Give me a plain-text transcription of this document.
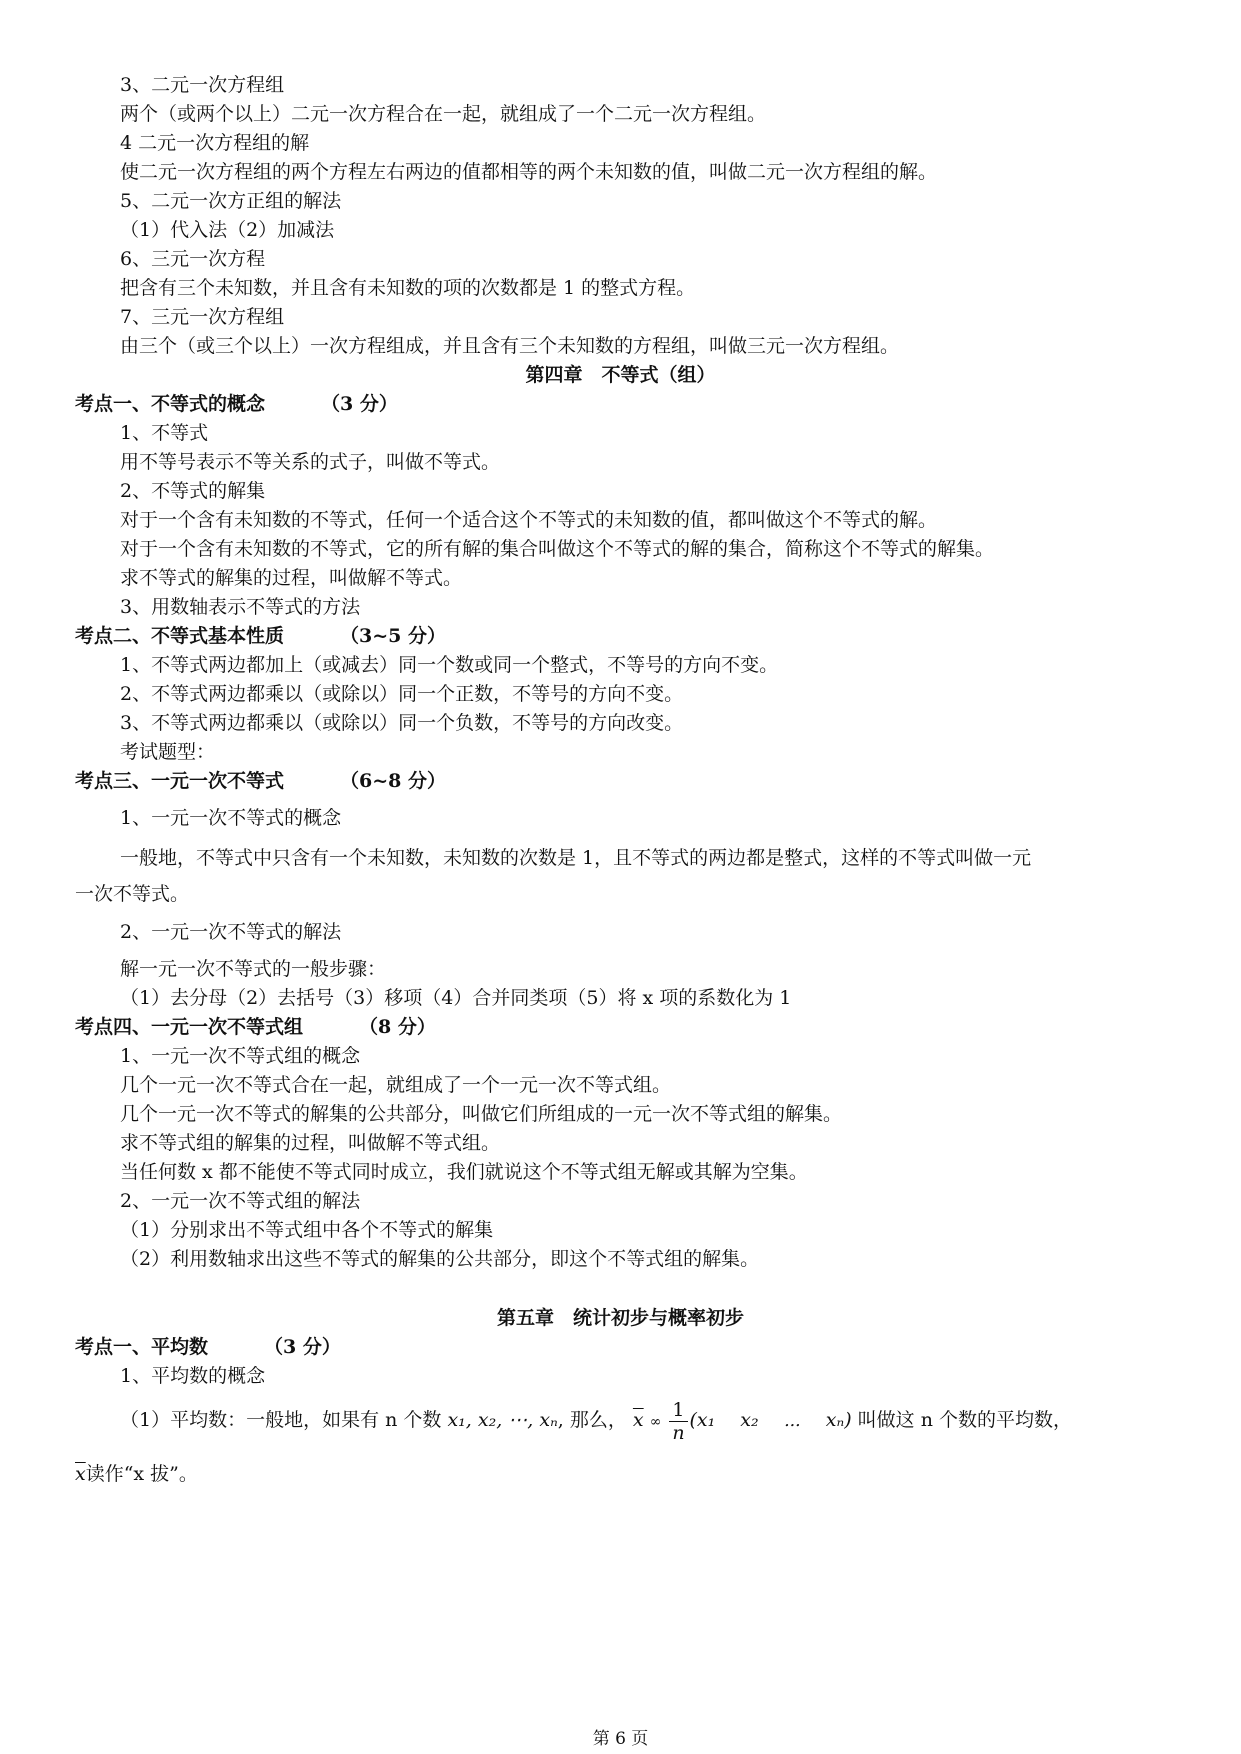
3、二元一次方程组
两个（或两个以上）二元一次方程合在一起，就组成了一个二元一次方程组。
4 二元一次方程组的解
使二元一次方程组的两个方程左右两边的值都相等的两个未知数的值，叫做二元一次方程组的解。
5、二元一次方正组的解法
（1）代入法（2）加减法
6、三元一次方程
把含有三个未知数，并且含有未知数的项的次数都是 1 的整式方程。
7、三元一次方程组
由三个（或三个以上）一次方程组成，并且含有三个未知数的方程组，叫做三元一次方程组。
第四章　不等式（组）
考点一、不等式的概念	（3 分）
1、不等式
用不等号表示不等关系的式子，叫做不等式。
2、不等式的解集
对于一个含有未知数的不等式，任何一个适合这个不等式的未知数的值，都叫做这个不等式的解。
对于一个含有未知数的不等式，它的所有解的集合叫做这个不等式的解的集合，简称这个不等式的解集。
求不等式的解集的过程，叫做解不等式。
3、用数轴表示不等式的方法
考点二、不等式基本性质	（3~5 分）
1、不等式两边都加上（或减去）同一个数或同一个整式，不等号的方向不变。
2、不等式两边都乘以（或除以）同一个正数，不等号的方向不变。
3、不等式两边都乘以（或除以）同一个负数，不等号的方向改变。
考试题型：
考点三、一元一次不等式	（6~8 分）
1、一元一次不等式的概念
一般地，不等式中只含有一个未知数，未知数的次数是 1，且不等式的两边都是整式，这样的不等式叫做一元
一次不等式。
2、一元一次不等式的解法
解一元一次不等式的一般步骤：
（1）去分母（2）去括号（3）移项（4）合并同类项（5）将 x 项的系数化为 1
考点四、一元一次不等式组	（8 分）
1、一元一次不等式组的概念
几个一元一次不等式合在一起，就组成了一个一元一次不等式组。
几个一元一次不等式的解集的公共部分，叫做它们所组成的一元一次不等式组的解集。
求不等式组的解集的过程，叫做解不等式组。
当任何数 x 都不能使不等式同时成立，我们就说这个不等式组无解或其解为空集。
2、一元一次不等式组的解法
（1）分别求出不等式组中各个不等式的解集
（2）利用数轴求出这些不等式的解集的公共部分，即这个不等式组的解集。
第五章　统计初步与概率初步
考点一、平均数	（3 分）
1、平均数的概念
（1）平均数：一般地，如果有 n 个数 x₁, x₂, ⋯, xₙ, 那么， $\overline{x}$ ∞ $\frac{1}{n} (x_1$　 x₂　 ⋯　 xₙ) 叫做这 n 个数的平均数，
$\overline{x}$读作“x 拔”。
第 6 页
